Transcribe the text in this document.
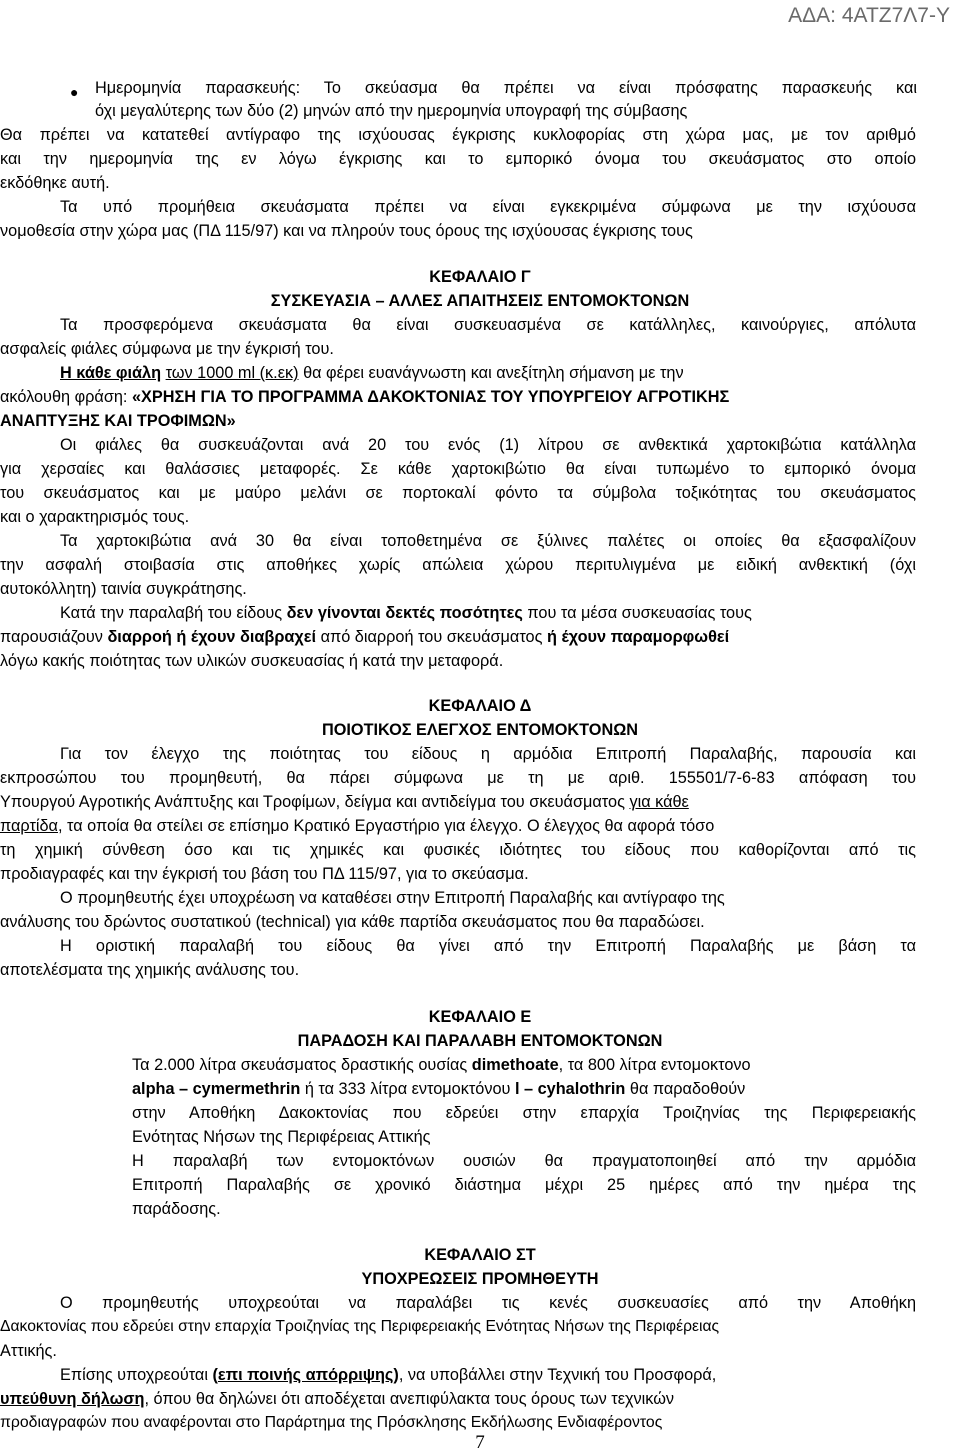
ΑΔΑ: 4ΑΤΖ7Λ7-Υ
● Ημερομηνία παρασκευής: Το σκεύασμα θα πρέπει να είναι πρόσφατης παρασκευής και
όχι μεγαλύτερης των δύο (2) μηνών από την ημερομηνία υπογραφή της σύμβασης
Θα πρέπει να κατατεθεί αντίγραφο της ισχύουσας έγκρισης κυκλοφορίας στη χώρα μας, με τον αριθμό
και την ημερομηνία της εν λόγω έγκρισης και το εμπορικό όνομα του σκευάσματος στο οποίο
εκδόθηκε αυτή.
Τα υπό προμήθεια σκευάσματα πρέπει να είναι εγκεκριμένα σύμφωνα με την ισχύουσα
νομοθεσία στην χώρα μας (ΠΔ 115/97) και να πληρούν τους όρους της ισχύουσας έγκρισης τους
ΚΕΦΑΛΑΙΟ Γ
ΣΥΣΚΕΥΑΣΙΑ – ΑΛΛΕΣ ΑΠΑΙΤΗΣΕΙΣ ΕΝΤΟΜΟΚΤΟΝΩΝ
Τα προσφερόμενα σκευάσματα θα είναι συσκευασμένα σε κατάλληλες, καινούργιες, απόλυτα
ασφαλείς φιάλες σύμφωνα με την έγκρισή του.
Η κάθε φιάλη των 1000 ml (κ.εκ) θα φέρει ευανάγνωστη και ανεξίτηλη σήμανση με την
ακόλουθη φράση: «ΧΡΗΣΗ ΓΙΑ ΤΟ ΠΡΟΓΡΑΜΜΑ ΔΑΚΟΚΤΟΝΙΑΣ ΤΟΥ ΥΠΟΥΡΓΕΙΟΥ ΑΓΡΟΤΙΚΗΣ
ΑΝΑΠΤΥΞΗΣ ΚΑΙ ΤΡΟΦΙΜΩΝ»
Οι φιάλες θα συσκευάζονται ανά 20 του ενός (1) λίτρου σε ανθεκτικά χαρτοκιβώτια κατάλληλα
για χερσαίες και θαλάσσιες μεταφορές. Σε κάθε χαρτοκιβώτιο θα είναι τυπωμένο το εμπορικό όνομα
του σκευάσματος και με μαύρο μελάνι σε πορτοκαλί φόντο τα σύμβολα τοξικότητας του σκευάσματος
και ο χαρακτηρισμός τους.
Τα χαρτοκιβώτια ανά 30 θα είναι τοποθετημένα σε ξύλινες παλέτες οι οποίες θα εξασφαλίζουν
την ασφαλή στοιβασία στις αποθήκες χωρίς απώλεια χώρου περιτυλιγμένα με ειδική ανθεκτική (όχι
αυτοκόλλητη) ταινία συγκράτησης.
Κατά την παραλαβή του είδους δεν γίνονται δεκτές ποσότητες που τα μέσα συσκευασίας τους
παρουσιάζουν διαρροή ή έχουν διαβραχεί από διαρροή του σκευάσματος ή έχουν παραμορφωθεί
λόγω κακής ποιότητας των υλικών συσκευασίας ή κατά την μεταφορά.
ΚΕΦΑΛΑΙΟ Δ
ΠΟΙΟΤΙΚΟΣ ΕΛΕΓΧΟΣ ΕΝΤΟΜΟΚΤΟΝΩΝ
Για τον έλεγχο της ποιότητας του είδους η αρμόδια Επιτροπή Παραλαβής, παρουσία και
εκπροσώπου του προμηθευτή, θα πάρει σύμφωνα με τη με αριθ. 155501/7-6-83 απόφαση του
Υπουργού Αγροτικής Ανάπτυξης και Τροφίμων, δείγμα και αντιδείγμα του σκευάσματος για κάθε
παρτίδα, τα οποία θα στείλει σε επίσημο Κρατικό Εργαστήριο για έλεγχο. Ο έλεγχος θα αφορά τόσο
τη χημική σύνθεση όσο και τις χημικές και φυσικές ιδιότητες του είδους που καθορίζονται από τις
προδιαγραφές και την έγκρισή του βάση του ΠΔ 115/97, για το σκεύασμα.
Ο προμηθευτής έχει υποχρέωση να καταθέσει στην Επιτροπή Παραλαβής και αντίγραφο της
ανάλυσης του δρώντος συστατικού (technical) για κάθε παρτίδα σκευάσματος που θα παραδώσει.
Η οριστική παραλαβή του είδους θα γίνει από την Επιτροπή Παραλαβής με βάση τα
αποτελέσματα της χημικής ανάλυσης του.
ΚΕΦΑΛΑΙΟ Ε
ΠΑΡΑΔΟΣΗ ΚΑΙ ΠΑΡΑΛΑΒΗ ΕΝΤΟΜΟΚΤΟΝΩΝ
Τα 2.000 λίτρα σκευάσματος δραστικής ουσίας dimethoate, τα 800 λίτρα εντομοκτονο
alpha – cymermethrin ή τα 333 λίτρα εντομοκτόνου l – cyhalothrin θα παραδοθούν
στην Αποθήκη Δακοκτονίας που εδρεύει στην επαρχία Τροιζηνίας της Περιφερειακής
Ενότητας Νήσων της Περιφέρειας Αττικής
Η παραλαβή των εντομοκτόνων ουσιών θα πραγματοποιηθεί από την αρμόδια
Επιτροπή Παραλαβής σε χρονικό διάστημα μέχρι 25 ημέρες από την ημέρα της
παράδοσης.
ΚΕΦΑΛΑΙΟ ΣΤ
ΥΠΟΧΡΕΩΣΕΙΣ ΠΡΟΜΗΘΕΥΤΗ
Ο προμηθευτής υποχρεούται να παραλάβει τις κενές συσκευασίες από την Αποθήκη
Δακοκτονίας που εδρεύει στην επαρχία Τροιζηνίας της Περιφερειακής Ενότητας Νήσων της Περιφέρειας
Αττικής.
Επίσης υποχρεούται (επι ποινής απόρριψης), να υποβάλλει στην Τεχνική του Προσφορά,
υπεύθυνη δήλωση, όπου θα δηλώνει ότι αποδέχεται ανεπιφύλακτα τους όρους των τεχνικών
προδιαγραφών που αναφέρονται στο Παράρτημα της Πρόσκλησης Εκδήλωσης Ενδιαφέροντος
7
